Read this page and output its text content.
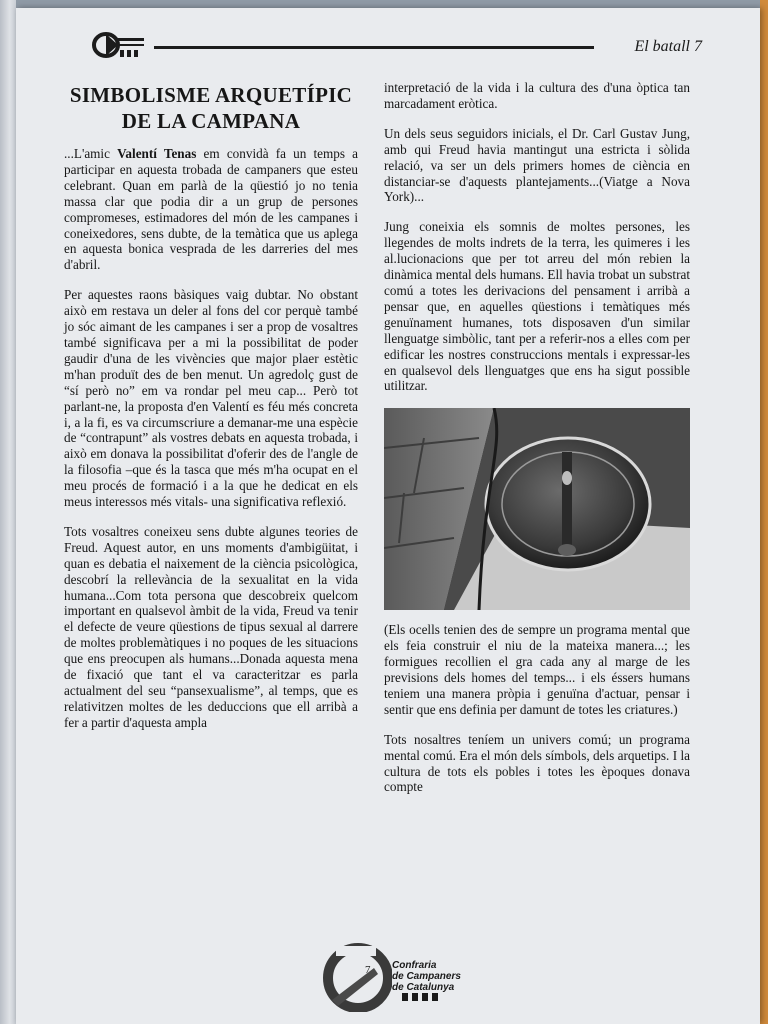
El batall 7
SIMBOLISME ARQUETÍPIC DE LA CAMPANA

...L'amic Valentí Tenas em convidà fa un temps a participar en aquesta trobada de campaners que esteu celebrant. Quan em parlà de la qüestió jo no tenia massa clar que podia dir a un grup de persones compromeses, estimadores del món de les campanes i coneixedores, sens dubte, de la temàtica que us aplega en aquesta bonica vesprada de les darreries del mes d'abril.

Per aquestes raons bàsiques vaig dubtar. No obstant això em restava un deler al fons del cor perquè també jo sóc aimant de les campanes i ser a prop de vosaltres també significava per a mi la possibilitat de poder gaudir d'una de les vivències que major plaer estètic m'han produït des de ben menut. Un agredolç gust de “sí però no” em va rondar pel meu cap... Però tot parlant-ne, la proposta d'en Valentí es féu més concreta i, a la fi, es va circumscriure a demanar-me una espècie de “contrapunt” als vostres debats en aquesta trobada, i això em donava la possibilitat d'oferir des de l'angle de la filosofia –que és la tasca que més m'ha ocupat en el meu procés de formació i a la que he dedicat en els meus interessos més vitals- una significativa reflexió.

Tots vosaltres coneixeu sens dubte algunes teories de Freud. Aquest autor, en uns moments d'ambigüitat, i quan es debatia el naixement de la ciència psicològica, descobrí la rellevància de la sexualitat en la vida humana...Com tota persona que descobreix quelcom important en qualsevol àmbit de la vida, Freud va tenir el defecte de veure qüestions de tipus sexual al darrere de moltes problemàtiques i no poques de les situacions que ens preocupen als humans...Donada aquesta mena de fixació que tant el va caracteritzar es parla actualment del seu “pansexualisme”, al temps, que es relativitzen moltes de les deduccions que ell arribà a fer a partir d'aquesta ampla

interpretació de la vida i la cultura des d'una òptica tan marcadament eròtica.

Un dels seus seguidors inicials, el Dr. Carl Gustav Jung, amb qui Freud havia mantingut una estricta i sòlida relació, va ser un dels primers homes de ciència en distanciar-se d'aquests plantejaments...(Viatge a Nova York)...

Jung coneixia els somnis de moltes persones, les llegendes de molts indrets de la terra, les quimeres i les al.lucionacions que per tot arreu del món rebien la dinàmica mental dels humans. Ell havia trobat un substrat comú a totes les derivacions del pensament i arribà a pensar que, en aquelles qüestions i temàtiques més genuïnament humanes, tots disposaven d'un similar llenguatge simbòlic, tant per a referir-nos a elles com per edificar les nostres construccions mentals i expressar-les en qualsevol dels llenguatges que ens ha sigut possible utilitzar.

(Els ocells tenien des de sempre un programa mental que els feia construir el niu de la mateixa manera...; les formigues recollien el gra cada any al marge de les previsions dels homes del temps... i els éssers humans teniem una manera pròpia i genuïna d'actuar, pensar i sentir que ens definia per damunt de totes les criatures.)

Tots nosaltres teníem un univers comú; un programa mental comú. Era el món dels símbols, dels arquetips. I la cultura de tots els pobles i totes les èpoques donava compte

7 Confraria
de Campaners
de Catalunya
